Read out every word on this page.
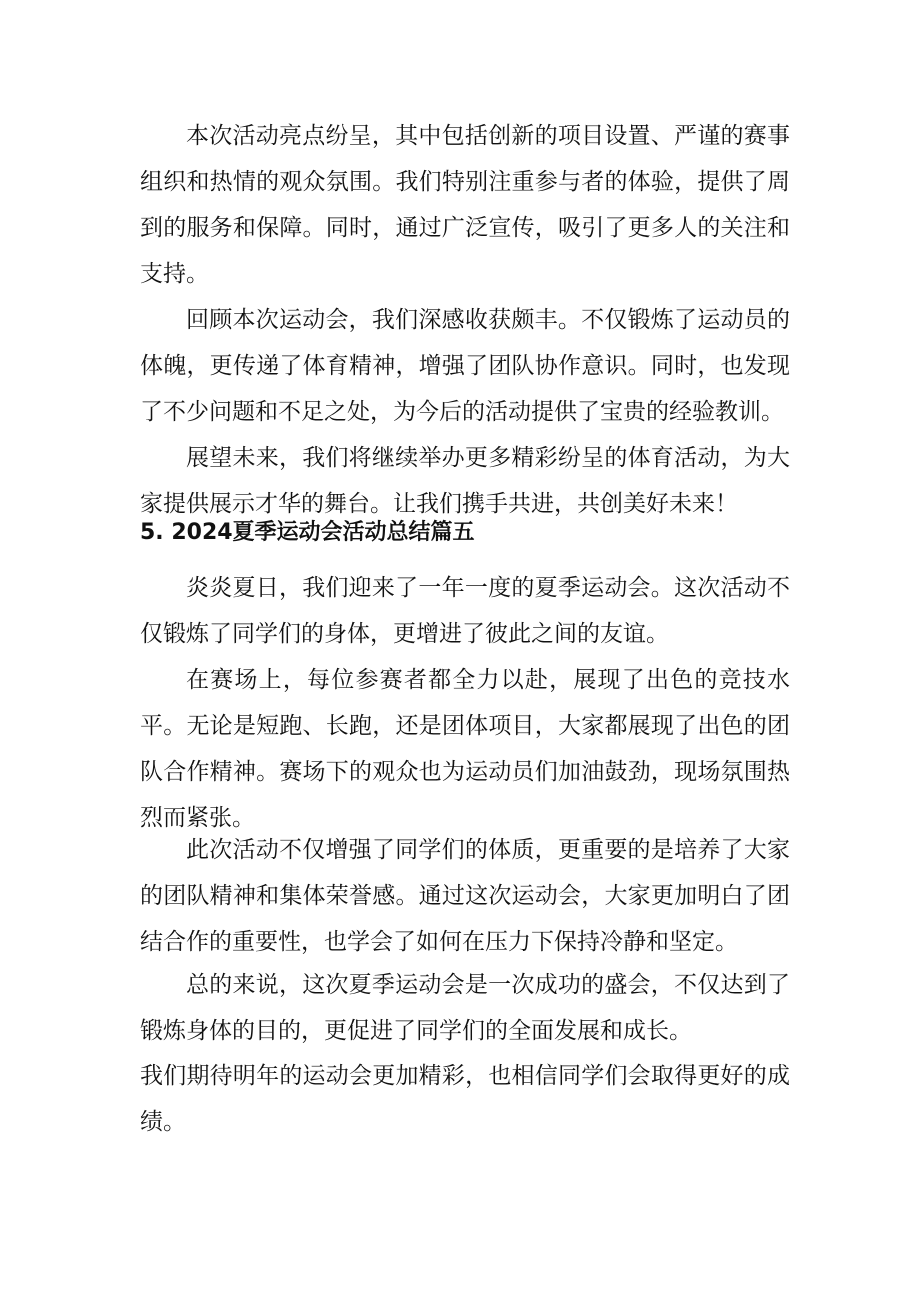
本次活动亮点纷呈，其中包括创新的项目设置、严谨的赛事组织和热情的观众氛围。我们特别注重参与者的体验，提供了周到的服务和保障。同时，通过广泛宣传，吸引了更多人的关注和支持。

回顾本次运动会，我们深感收获颇丰。不仅锻炼了运动员的体魄，更传递了体育精神，增强了团队协作意识。同时，也发现了不少问题和不足之处，为今后的活动提供了宝贵的经验教训。

展望未来，我们将继续举办更多精彩纷呈的体育活动，为大家提供展示才华的舞台。让我们携手共进，共创美好未来！

5. 2024夏季运动会活动总结篇五

炎炎夏日，我们迎来了一年一度的夏季运动会。这次活动不仅锻炼了同学们的身体，更增进了彼此之间的友谊。

在赛场上，每位参赛者都全力以赴，展现了出色的竞技水平。无论是短跑、长跑，还是团体项目，大家都展现了出色的团队合作精神。赛场下的观众也为运动员们加油鼓劲，现场氛围热烈而紧张。

此次活动不仅增强了同学们的体质，更重要的是培养了大家的团队精神和集体荣誉感。通过这次运动会，大家更加明白了团结合作的重要性，也学会了如何在压力下保持冷静和坚定。

总的来说，这次夏季运动会是一次成功的盛会，不仅达到了锻炼身体的目的，更促进了同学们的全面发展和成长。

我们期待明年的运动会更加精彩，也相信同学们会取得更好的成绩。
